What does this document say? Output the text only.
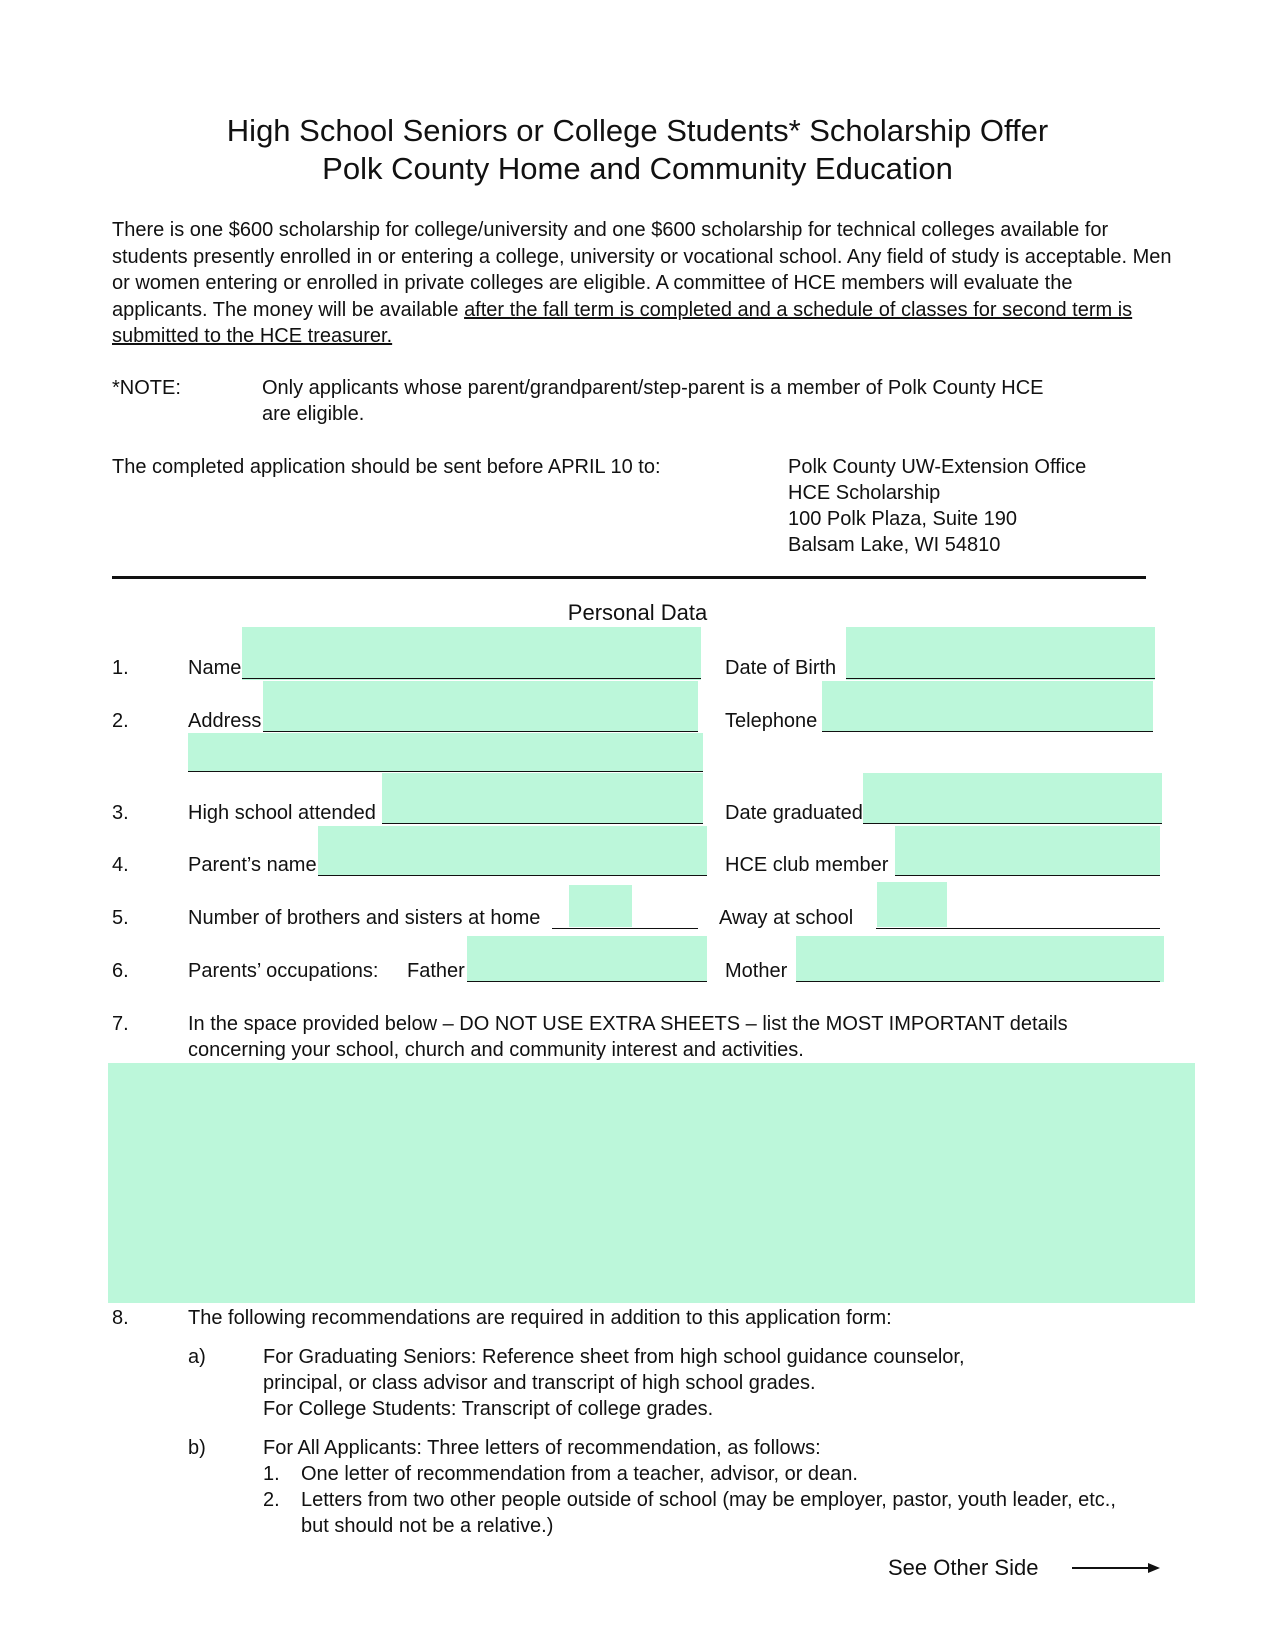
High School Seniors or College Students* Scholarship Offer
Polk County Home and Community Education
There is one $600 scholarship for college/university and one $600 scholarship for technical colleges available for students presently enrolled in or entering a college, university or vocational school. Any field of study is acceptable. Men or women entering or enrolled in private colleges are eligible. A committee of HCE members will evaluate the applicants. The money will be available after the fall term is completed and a schedule of classes for second term is submitted to the HCE treasurer.
*NOTE:	Only applicants whose parent/grandparent/step-parent is a member of Polk County HCE
are eligible.
The completed application should be sent before APRIL 10 to:	Polk County UW-Extension Office
HCE Scholarship
100 Polk Plaza, Suite 190
Balsam Lake, WI 54810
Personal Data
1.	Name	Date of Birth
2.	Address	Telephone
3.	High school attended	Date graduated
4.	Parent’s name	HCE club member
5.	Number of brothers and sisters at home	Away at school
6.	Parents’ occupations: Father	Mother
7.	In the space provided below – DO NOT USE EXTRA SHEETS – list the MOST IMPORTANT details
concerning your school, church and community interest and activities.
8.	The following recommendations are required in addition to this application form:
a)	For Graduating Seniors: Reference sheet from high school guidance counselor,
principal, or class advisor and transcript of high school grades.
For College Students: Transcript of college grades.
b)	For All Applicants: Three letters of recommendation, as follows:
1. One letter of recommendation from a teacher, advisor, or dean.
2. Letters from two other people outside of school (may be employer, pastor, youth leader, etc.,
but should not be a relative.)
See Other Side
